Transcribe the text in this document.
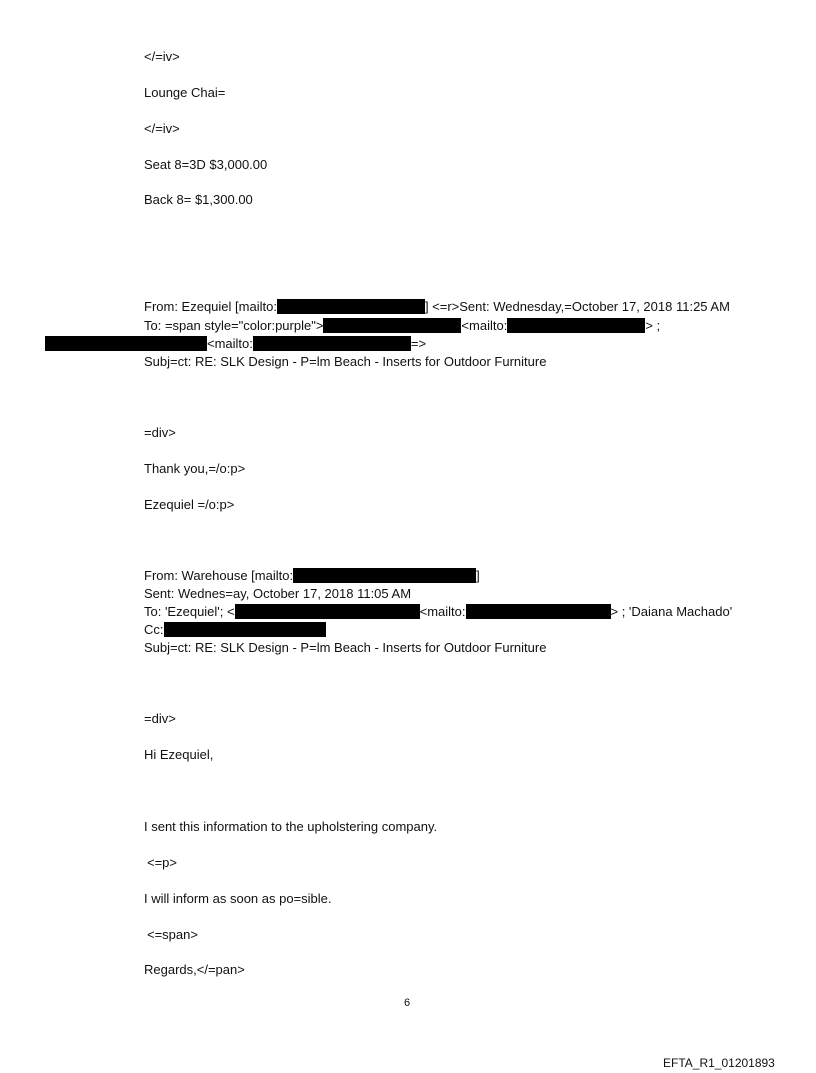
</=iv>

Lounge Chai=

</=iv>

Seat 8=3D $3,000.00

Back 8= $1,300.00

From: Ezequiel [mailto:	] <=r>Sent: Wednesday,=October 17, 2018 11:25 AM

To: =span style="color:purple">	<mailto:	> ;

<mailto:	=>

Subj=ct: RE: SLK Design - P=lm Beach - Inserts for Outdoor Furniture

=div>

Thank you,=/o:p>

Ezequiel =/o:p>

From: Warehouse [mailto:	]

Sent: Wednes=ay, October 17, 2018 11:05 AM

To: 'Ezequiel'; <	<mailto:	> ; 'Daiana Machado'

Cc:

Subj=ct: RE: SLK Design - P=lm Beach - Inserts for Outdoor Furniture

=div>

Hi Ezequiel,

I sent this information to the upholstering company.

<=p>

I will inform as soon as po=sible.

<=span>

Regards,</=pan>

6
EFTA_R1_01201893
